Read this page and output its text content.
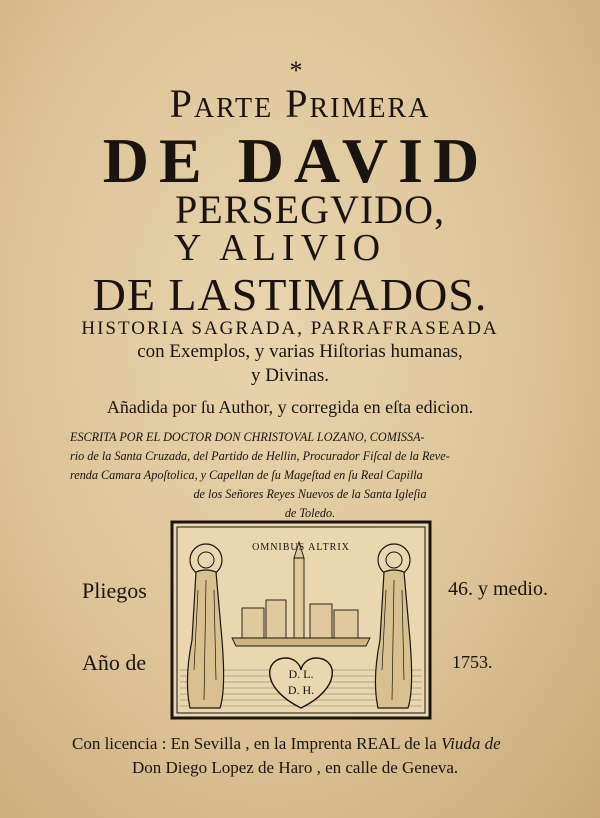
*
Parte Primera
DE DAVID
PERSEGVIDO,
Y ALIVIO
DE LASTIMADOS.
HISTORIA SAGRADA, PARRAFRASEADA
con Exemplos, y varias Hiſtorias humanas,
y Divinas.
Añadida por ſu Author, y corregida en eſta edicion.
ESCRITA POR EL DOCTOR DON CHRISTOVAL LOZANO, COMISSA-
rio de la Santa Cruzada, del Partido de Hellin, Procurador Fiſcal de la Reve-
renda Camara Apoſtolica, y Capellan de ſu Mageſtad en ſu Real Capilla
de los Señores Reyes Nuevos de la Santa Igleſia
de Toledo.
Pliegos	46. y medio.
Año de	1753.
OMNIBUS ALTRIX
D. L.
D. H.
Con licencia : En Sevilla , en la Imprenta REAL de la Viuda de
Don Diego Lopez de Haro , en calle de Geneva.
